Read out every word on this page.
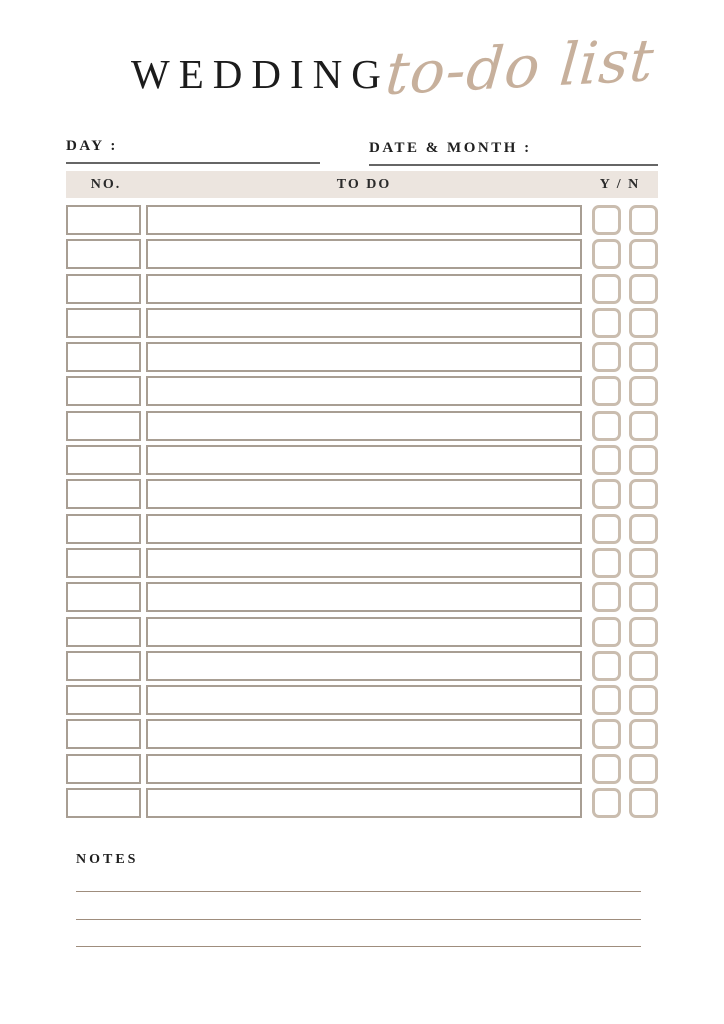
WEDDING
to-do list
DAY :	DATE & MONTH :
NO.	TO DO	Y / N
NOTES
